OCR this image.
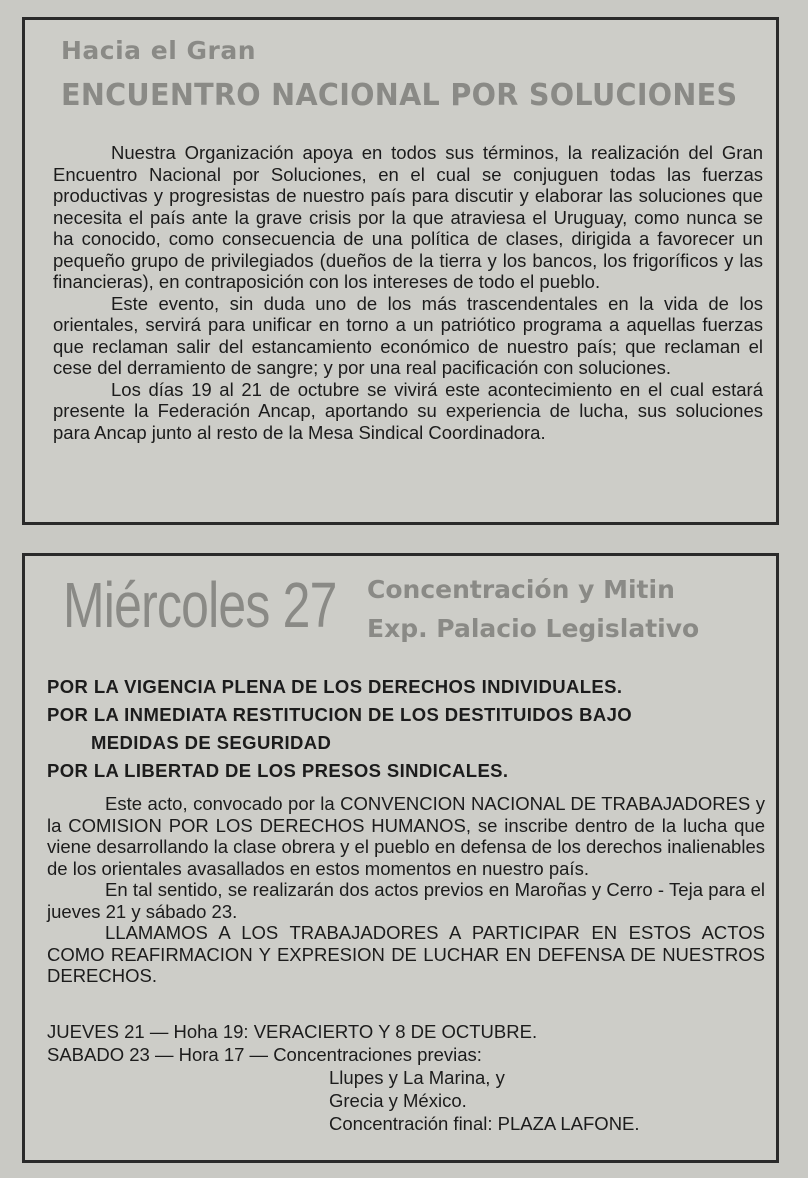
Hacia el Gran
ENCUENTRO NACIONAL POR SOLUCIONES

Nuestra Organización apoya en todos sus términos, la realización del Gran Encuentro Nacional por Soluciones, en el cual se conjuguen todas las fuerzas productivas y progresistas de nuestro país para discutir y elaborar las soluciones que necesita el país ante la grave crisis por la que atraviesa el Uruguay, como nunca se ha conocido, como consecuencia de una política de clases, dirigida a favorecer un pequeño grupo de privilegiados (dueños de la tierra y los bancos, los frigoríficos y las financieras), en contraposición con los intereses de todo el pueblo.

Este evento, sin duda uno de los más trascendentales en la vida de los orientales, servirá para unificar en torno a un patriótico programa a aquellas fuerzas que reclaman salir del estancamiento económico de nuestro país; que reclaman el cese del derramiento de sangre; y por una real pacificación con soluciones.

Los días 19 al 21 de octubre se vivirá este acontecimiento en el cual estará presente la Federación Ancap, aportando su experiencia de lucha, sus soluciones para Ancap junto al resto de la Mesa Sindical Coordinadora.

Miércoles 27 Concentración y Mitin
Exp. Palacio Legislativo
POR LA VIGENCIA PLENA DE LOS DERECHOS INDIVIDUALES.
POR LA INMEDIATA RESTITUCION DE LOS DESTITUIDOS BAJO
MEDIDAS DE SEGURIDAD
POR LA LIBERTAD DE LOS PRESOS SINDICALES.

Este acto, convocado por la CONVENCION NACIONAL DE TRABAJADORES y la COMISION POR LOS DERECHOS HUMANOS, se inscribe dentro de la lucha que viene desarrollando la clase obrera y el pueblo en defensa de los derechos inalienables de los orientales avasallados en estos momentos en nuestro país.

En tal sentido, se realizarán dos actos previos en Maroñas y Cerro - Teja para el jueves 21 y sábado 23.

LLAMAMOS A LOS TRABAJADORES A PARTICIPAR EN ESTOS ACTOS COMO REAFIRMACION Y EXPRESION DE LUCHAR EN DEFENSA DE NUESTROS DERECHOS.

JUEVES 21 — Hoha 19: VERACIERTO Y 8 DE OCTUBRE.
SABADO 23 — Hora 17 — Concentraciones previas:
Llupes y La Marina, y
Grecia y México.
Concentración final: PLAZA LAFONE.
